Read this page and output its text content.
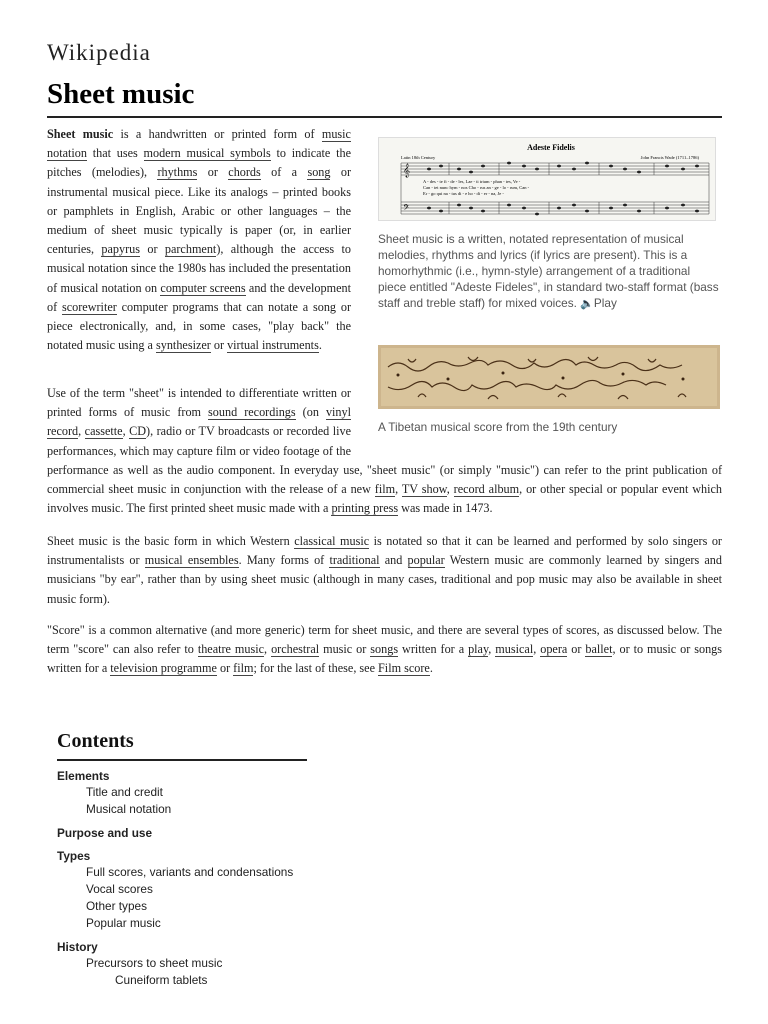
Wikipedia
Sheet music

Sheet music is a handwritten or printed form of music notation that uses modern musical symbols to indicate the pitches (melodies), rhythms or chords of a song or instrumental musical piece. Like its analogs – printed books or pamphlets in English, Arabic or other languages – the medium of sheet music typically is paper (or, in earlier centuries, papyrus or parchment), although the access to musical notation since the 1980s has included the presentation of musical notation on computer screens and the development of scorewriter computer programs that can notate a song or piece electronically, and, in some cases, "play back" the notated music using a synthesizer or virtual instruments.

Adeste Fidelis
Latin 18th Century	John Francis Wade (1711–1786)
𝄞
𝄢
A - des - te fi - de - les, Lae - ti trium - phan - tes, Ve -
Can - tet nunc hym - nos Cho - rus an - ge - lo - rum, Can -
Er - go qui na - tus di - e ho - di - er - na, Je -
Sheet music is a written, notated representation of musical melodies, rhythms and lyrics (if lyrics are present). This is a homorhythmic (i.e., hymn-style) arrangement of a traditional piece entitled "Adeste Fideles", in standard two-staff format (bass staff and treble staff) for mixed voices. 🔈Play
A Tibetan musical score from the 19th century

Use of the term "sheet" is intended to differentiate written or printed forms of music from sound recordings (on vinyl record, cassette, CD), radio or TV broadcasts or recorded live performances, which may capture film or video footage of the performance as well as the audio component. In everyday use, "sheet music" (or simply "music") can refer to the print publication of commercial sheet music in conjunction with the release of a new film, TV show, record album, or other special or popular event which involves music. The first printed sheet music made with a printing press was made in 1473.

Sheet music is the basic form in which Western classical music is notated so that it can be learned and performed by solo singers or instrumentalists or musical ensembles. Many forms of traditional and popular Western music are commonly learned by singers and musicians "by ear", rather than by using sheet music (although in many cases, traditional and pop music may also be available in sheet music form).

"Score" is a common alternative (and more generic) term for sheet music, and there are several types of scores, as discussed below. The term "score" can also refer to theatre music, orchestral music or songs written for a play, musical, opera or ballet, or to music or songs written for a television programme or film; for the last of these, see Film score.

Contents
Elements
Title and credit
Musical notation
Purpose and use
Types
Full scores, variants and condensations
Vocal scores
Other types
Popular music
History
Precursors to sheet music
Cuneiform tablets
